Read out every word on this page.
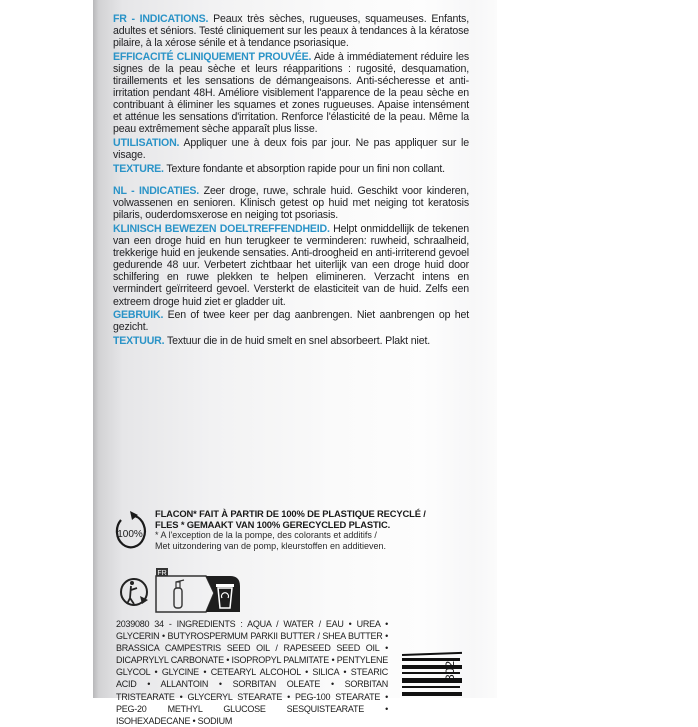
FR - INDICATIONS. Peaux très sèches, rugueuses, squameuses. Enfants, adultes et séniors. Testé cliniquement sur les peaux à tendances à la kératose pilaire, à la xérose sénile et à tendance psoriasique.

EFFICACITÉ CLINIQUEMENT PROUVÉE. Aide à immédiatement réduire les signes de la peau sèche et leurs réapparitions : rugosité, desquamation, tiraillements et les sensations de démangeaisons. Anti-sécheresse et anti-irritation pendant 48H. Améliore visiblement l'apparence de la peau sèche en contribuant à éliminer les squames et zones rugueuses. Apaise intensément et atténue les sensations d'irritation. Renforce l'élasticité de la peau. Même la peau extrêmement sèche apparaît plus lisse.

UTILISATION. Appliquer une à deux fois par jour. Ne pas appliquer sur le visage.

TEXTURE. Texture fondante et absorption rapide pour un fini non collant.

NL - INDICATIES. Zeer droge, ruwe, schrale huid. Geschikt voor kinderen, volwassenen en senioren. Klinisch getest op huid met neiging tot keratosis pilaris, ouderdomsxerose en neiging tot psoriasis.

KLINISCH BEWEZEN DOELTREFFENDHEID. Helpt onmiddellijk de tekenen van een droge huid en hun terugkeer te verminderen: ruwheid, schraalheid, trekkerige huid en jeukende sensaties. Anti-droogheid en anti-irriterend gevoel gedurende 48 uur. Verbetert zichtbaar het uiterlijk van een droge huid door schilfering en ruwe plekken te helpen elimineren. Verzacht intens en vermindert geïrriteerd gevoel. Versterkt de elasticiteit van de huid. Zelfs een extreem droge huid ziet er gladder uit.

GEBRUIK. Een of twee keer per dag aanbrengen. Niet aanbrengen op het gezicht.

TEXTUUR. Textuur die in de huid smelt en snel absorbeert. Plakt niet.

100%
FLACON* FAIT À PARTIR DE 100% DE PLASTIQUE RECYCLÉ /
FLES * GEMAAKT VAN 100% GERECYCLED PLASTIC.
* A l'exception de la la pompe, des colorants et additifs /
Met uitzondering van de pomp, kleurstoffen en additieven.
FR
2039080 34 - INGREDIENTS : AQUA / WATER / EAU • UREA • GLYCERIN • BUTYROSPERMUM PARKII BUTTER / SHEA BUTTER • BRASSICA CAMPESTRIS SEED OIL / RAPESEED SEED OIL • DICAPRYLYL CARBONATE • ISOPROPYL PALMITATE • PENTYLENE GLYCOL • GLYCINE • CETEARYL ALCOHOL • SILICA • STEARIC ACID • ALLANTOIN • SORBITAN OLEATE • SORBITAN TRISTEARATE • GLYCERYL STEARATE • PEG-100 STEARATE • PEG-20 METHYL GLUCOSE SESQUISTEARATE • ISOHEXADECANE • SODIUM
302
